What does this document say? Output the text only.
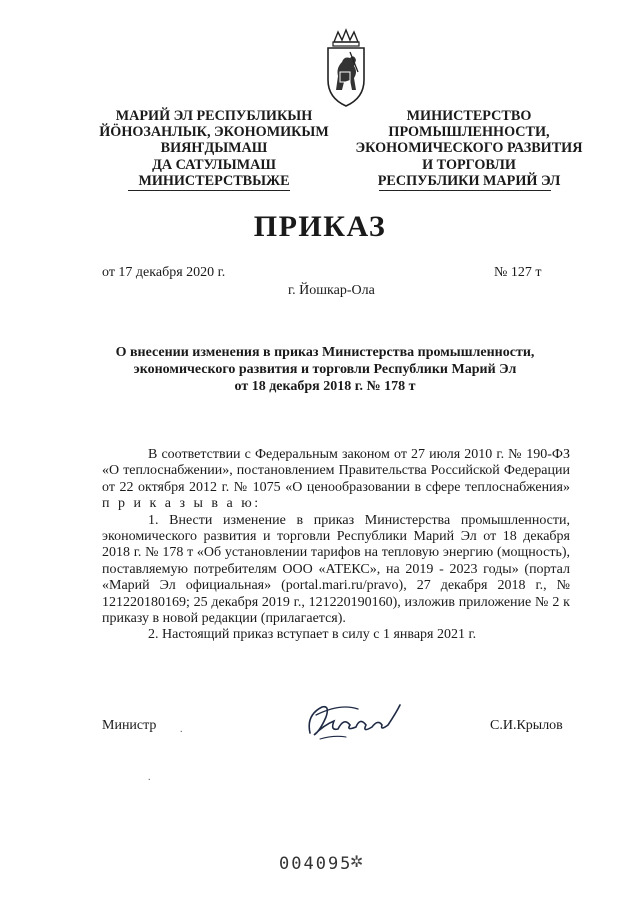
МАРИЙ ЭЛ РЕСПУБЛИКЫН
ЙӦНОЗАНЛЫК, ЭКОНОМИКЫМ
ВИЯҤДЫМАШ
ДА САТУЛЫМАШ
МИНИСТЕРСТВЫЖЕ
МИНИСТЕРСТВО
ПРОМЫШЛЕННОСТИ,
ЭКОНОМИЧЕСКОГО РАЗВИТИЯ
И ТОРГОВЛИ
РЕСПУБЛИКИ МАРИЙ ЭЛ
ПРИКАЗ
от 17 декабря 2020 г.	№ 127 т
г. Йошкар-Ола
О внесении изменения в приказ Министерства промышленности,
экономического развития и торговли Республики Марий Эл
от 18 декабря 2018 г. № 178 т

В соответствии с Федеральным законом от 27 июля 2010 г. № 190-ФЗ «О теплоснабжении», постановлением Правительства Российской Федерации от 22 октября 2012 г. № 1075 «О ценообразовании в сфере теплоснабжения» п р и к а з ы в а ю:

1. Внести изменение в приказ Министерства промышленности, экономического развития и торговли Республики Марий Эл от 18 декабря 2018 г. № 178 т «Об установлении тарифов на тепловую энергию (мощность), поставляемую потребителям ООО «АТЕКС», на 2019 - 2023 годы» (портал «Марий Эл официальная» (portal.mari.ru/pravo), 27 декабря 2018 г., № 121220180169; 25 декабря 2019 г., 121220190160), изложив приложение № 2 к приказу в новой редакции (прилагается).

2. Настоящий приказ вступает в силу с 1 января 2021 г.

Министр .	С.И.Крылов
.
004095
✲
